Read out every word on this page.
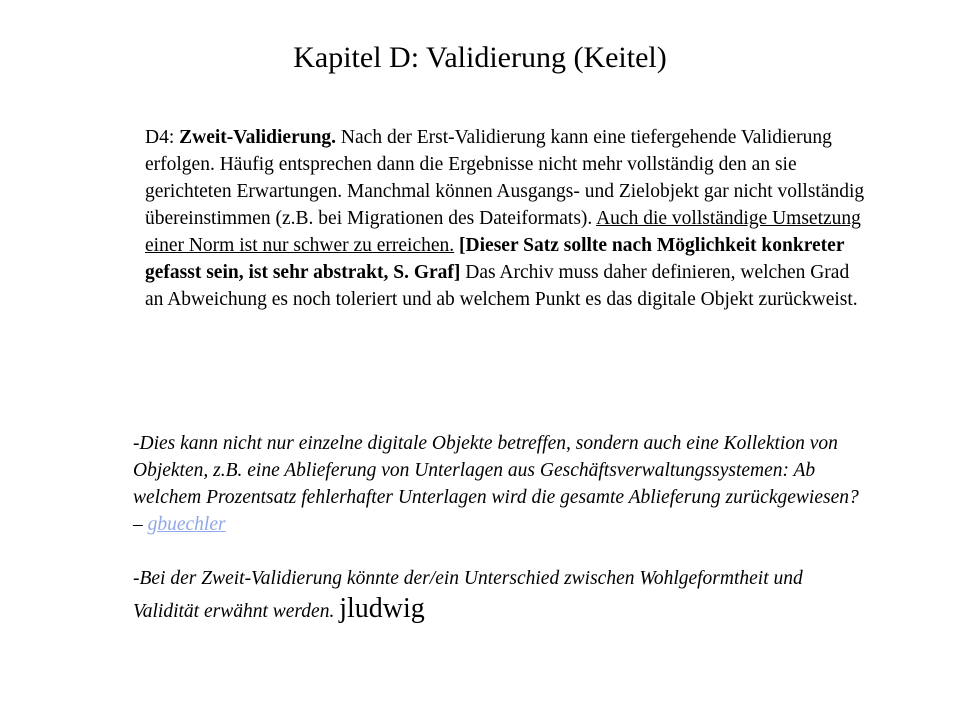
Kapitel D: Validierung (Keitel)
D4: Zweit-Validierung. Nach der Erst-Validierung kann eine tiefergehende Validierung erfolgen. Häufig entsprechen dann die Ergebnisse nicht mehr vollständig den an sie gerichteten Erwartungen. Manchmal können Ausgangs- und Zielobjekt gar nicht vollständig übereinstimmen (z.B. bei Migrationen des Dateiformats). Auch die vollständige Umsetzung einer Norm ist nur schwer zu erreichen. [Dieser Satz sollte nach Möglichkeit konkreter gefasst sein, ist sehr abstrakt, S. Graf] Das Archiv muss daher definieren, welchen Grad an Abweichung es noch toleriert und ab welchem Punkt es das digitale Objekt zurückweist.
-Dies kann nicht nur einzelne digitale Objekte betreffen, sondern auch eine Kollektion von Objekten, z.B. eine Ablieferung von Unterlagen aus Geschäftsverwaltungssystemen: Ab welchem Prozentsatz fehlerhafter Unterlagen wird die gesamte Ablieferung zurückgewiesen? – gbuechler
-Bei der Zweit-Validierung könnte der/ein Unterschied zwischen Wohlgeformtheit und Validität erwähnt werden. jludwig
